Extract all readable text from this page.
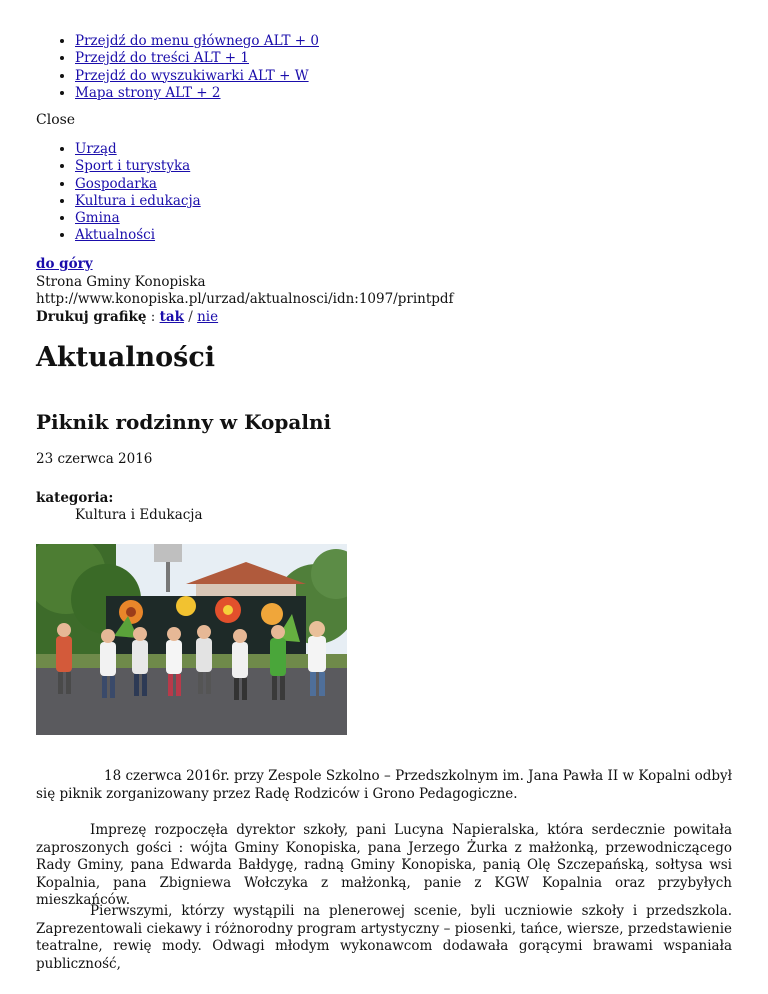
• Przejdź do menu głównego ALT + 0
• Przejdź do treści ALT + 1
• Przejdź do wyszukiwarki ALT + W
• Mapa strony ALT + 2
Close
• Urząd
• Sport i turystyka
• Gospodarka
• Kultura i edukacja
• Gmina
• Aktualności
do góry
Strona Gminy Konopiska
http://www.konopiska.pl/urzad/aktualnosci/idn:1097/printpdf
Drukuj grafikę : tak / nie
Aktualności
Piknik rodzinny w Kopalni
23 czerwca 2016
kategoria:
Kultura i Edukacja

18 czerwca 2016r. przy Zespole Szkolno – Przedszkolnym im. Jana Pawła II w Kopalni odbył się piknik zorganizowany przez Radę Rodziców i Grono Pedagogiczne.

Imprezę rozpoczęła dyrektor szkoły, pani Lucyna Napieralska, która serdecznie powitała zaproszonych gości : wójta Gminy Konopiska, pana Jerzego Żurka z małżonką, przewodniczącego Rady Gminy, pana Edwarda Bałdygę, radną Gminy Konopiska, panią Olę Szczepańską, sołtysa wsi Kopalnia, pana Zbigniewa Wołczyka z małżonką, panie z KGW Kopalnia oraz przybyłych mieszkańców.

Pierwszymi, którzy wystąpili na plenerowej scenie, byli uczniowie szkoły i przedszkola. Zaprezentowali ciekawy i różnorodny program artystyczny – piosenki, tańce, wiersze, przedstawienie teatralne, rewię mody. Odwagi młodym wykonawcom dodawała gorącymi brawami wspaniała publiczność,
